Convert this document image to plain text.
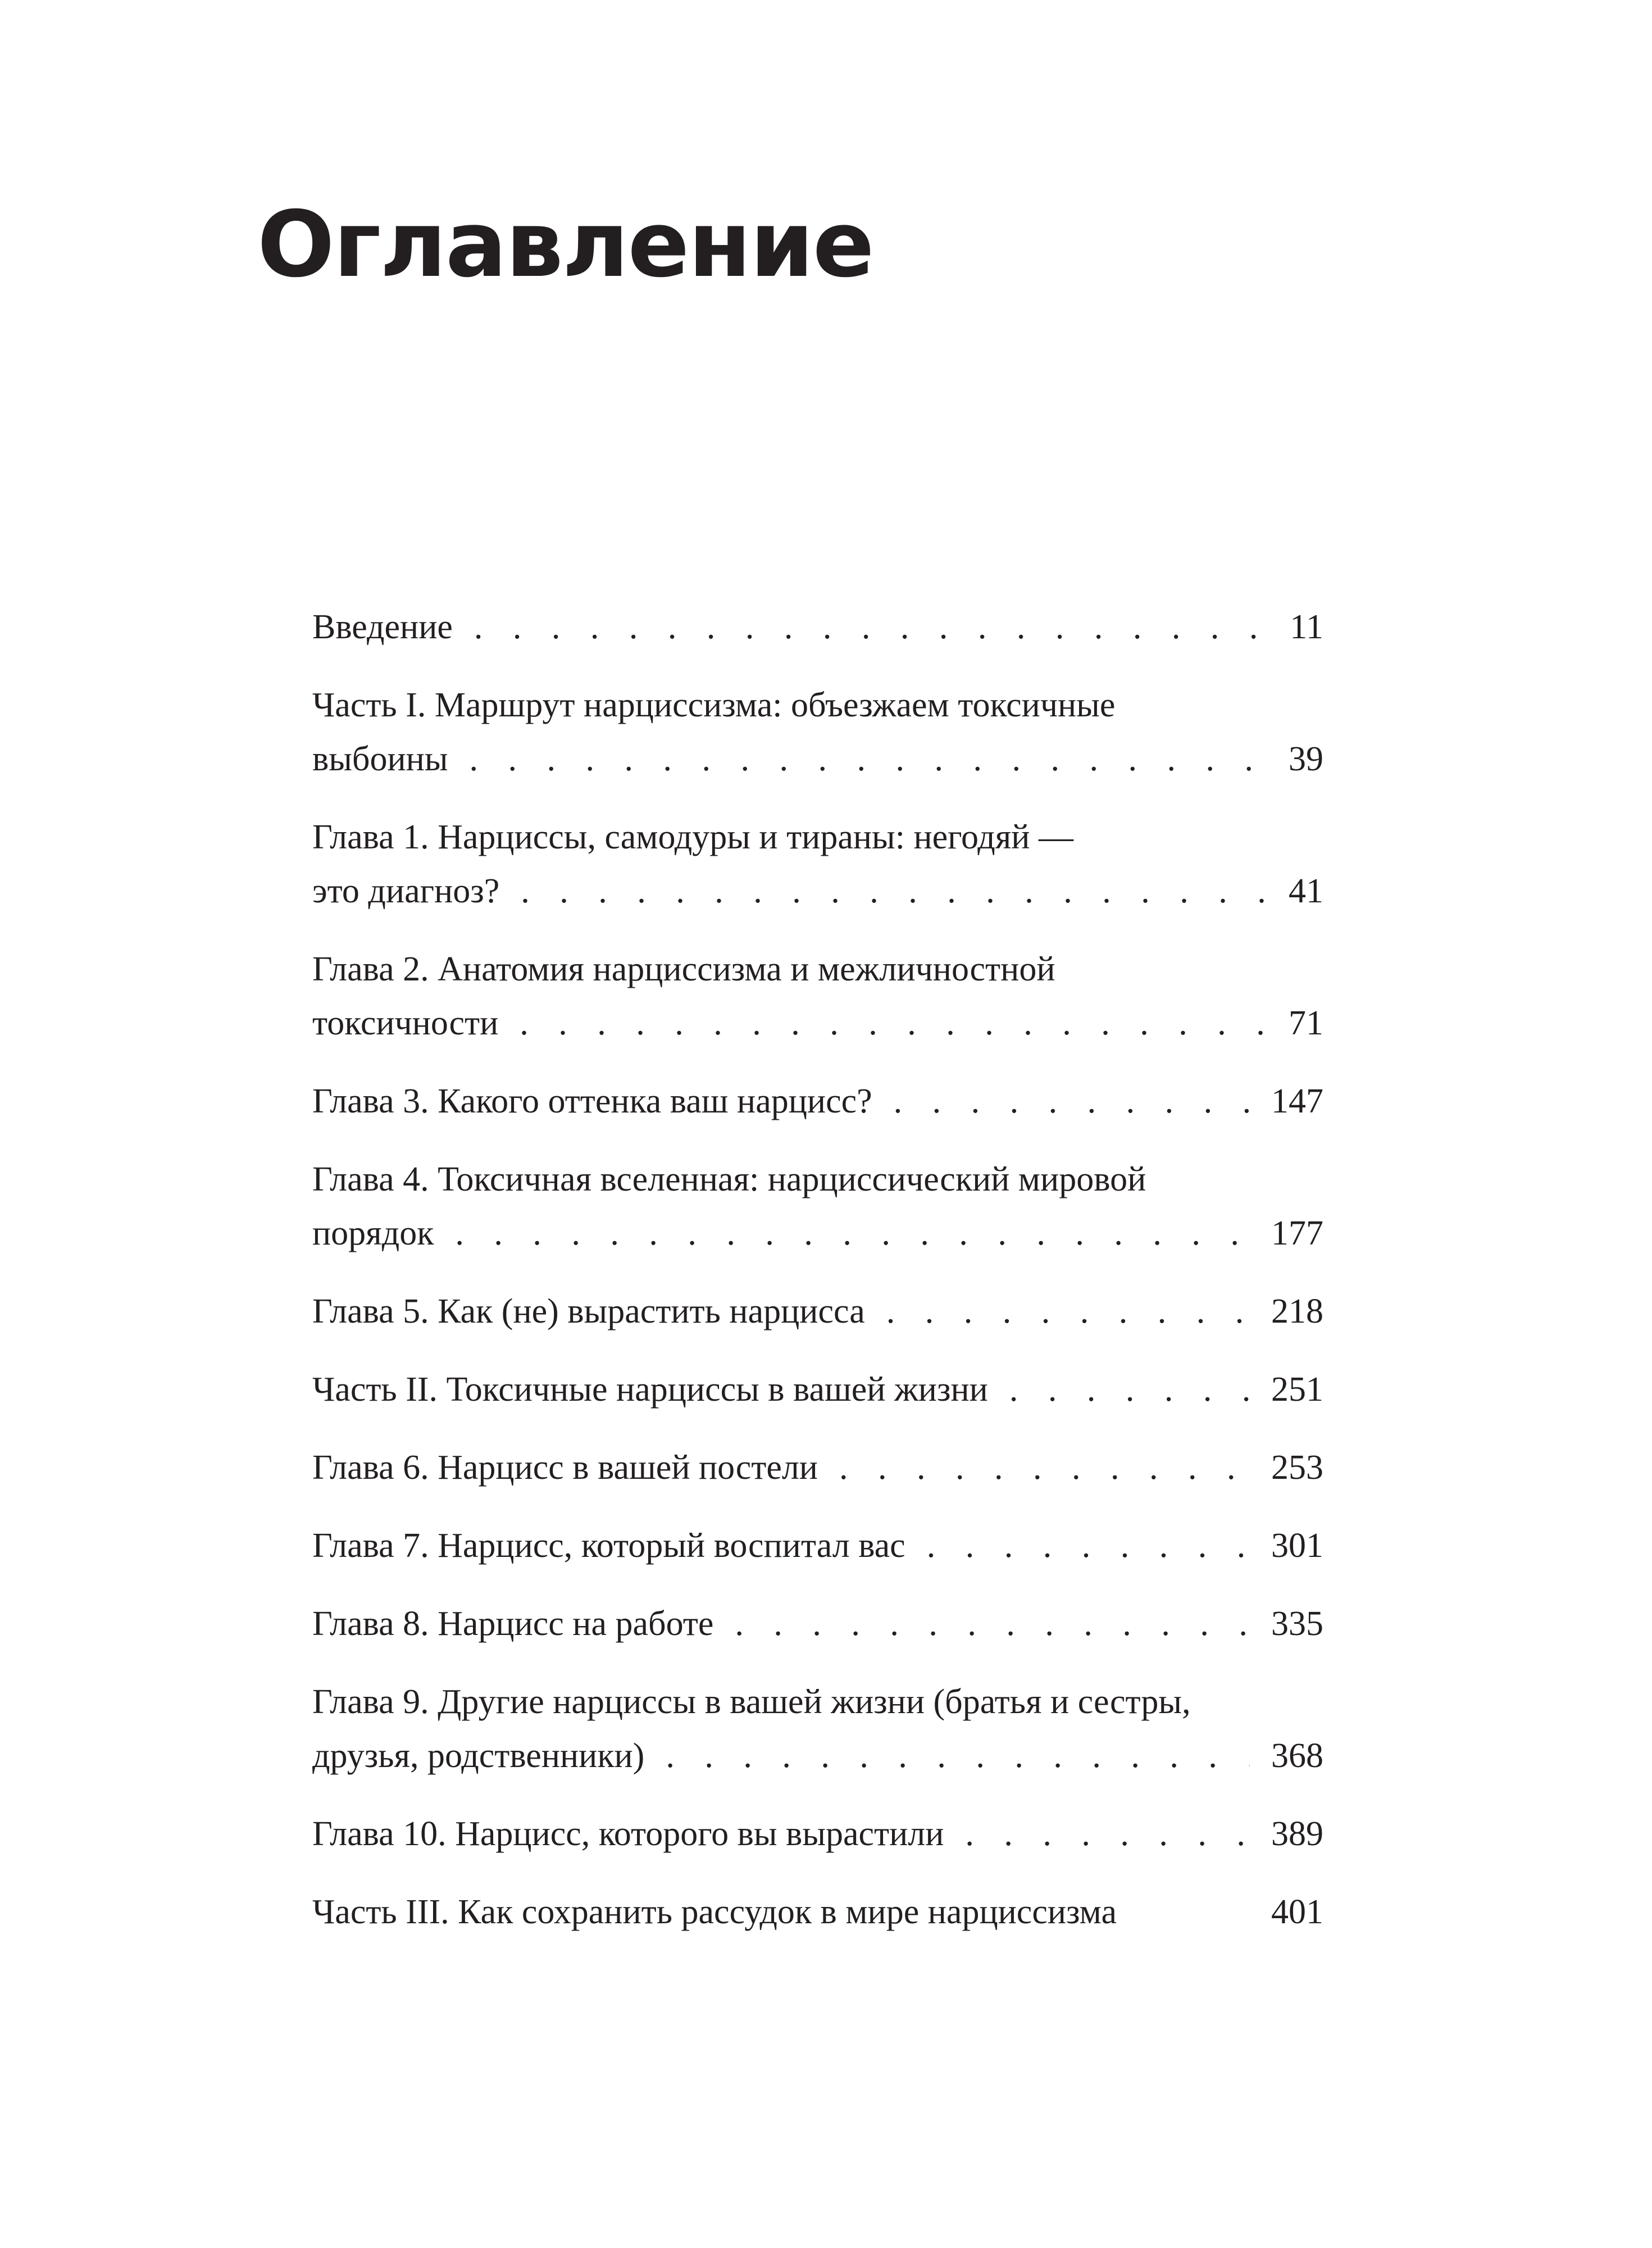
Оглавление
Введение . . .	11
Часть I. Маршрут нарциссизма: объезжаем токсичные
выбоины . . .	39
Глава 1. Нарциссы, самодуры и тираны: негодяй —
это диагноз? . . .	41
Глава 2. Анатомия нарциссизма и межличностной
токсичности . . .	71
Глава 3. Какого оттенка ваш нарцисс? . . .	147
Глава 4. Токсичная вселенная: нарциссический мировой
порядок . . .	177
Глава 5. Как (не) вырастить нарцисса . . .	218
Часть II. Токсичные нарциссы в вашей жизни . . .	251
Глава 6. Нарцисс в вашей постели . . .	253
Глава 7. Нарцисс, который воспитал вас . . .	301
Глава 8. Нарцисс на работе . . .	335
Глава 9. Другие нарциссы в вашей жизни (братья и сестры,
друзья, родственники) . . .	368
Глава 10. Нарцисс, которого вы вырастили . . .	389
Часть III. Как сохранить рассудок в мире нарциссизма	401
